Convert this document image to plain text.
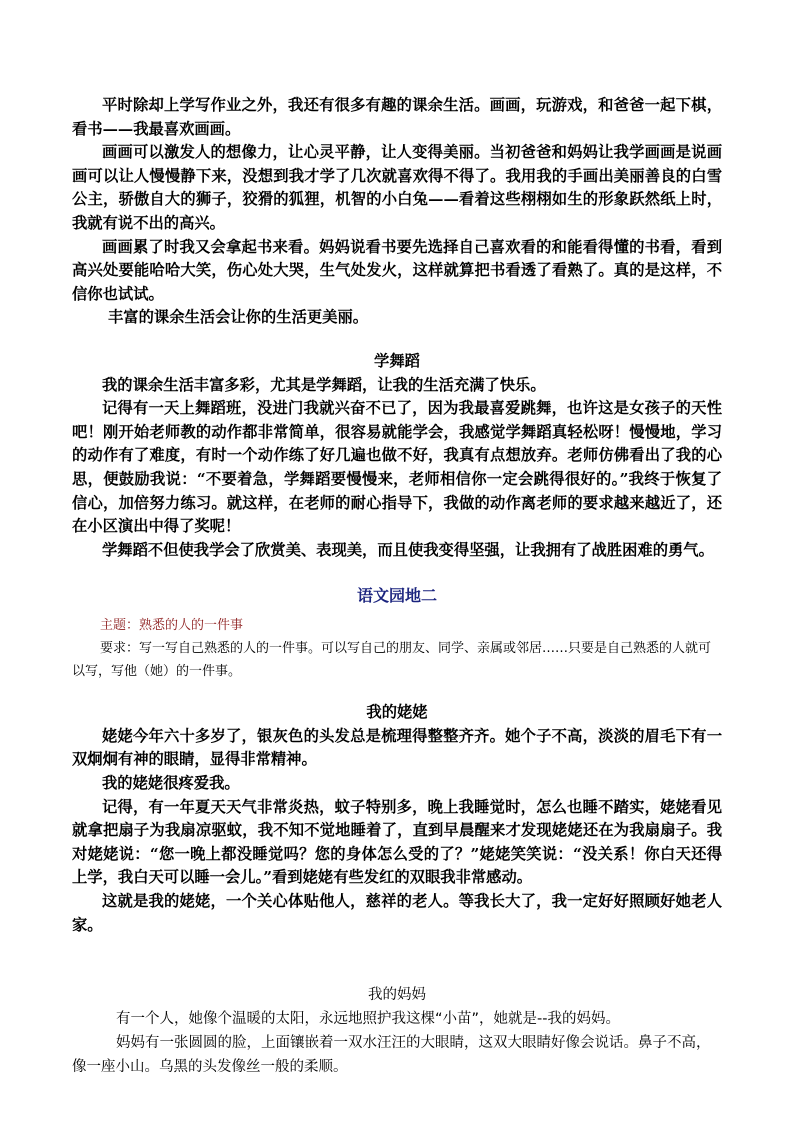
平时除却上学写作业之外，我还有很多有趣的课余生活。画画，玩游戏，和爸爸一起下棋，看书——我最喜欢画画。

画画可以激发人的想像力，让心灵平静，让人变得美丽。当初爸爸和妈妈让我学画画是说画画可以让人慢慢静下来，没想到我才学了几次就喜欢得不得了。我用我的手画出美丽善良的白雪公主，骄傲自大的狮子，狡猾的狐狸，机智的小白兔——看着这些栩栩如生的形象跃然纸上时，我就有说不出的高兴。

画画累了时我又会拿起书来看。妈妈说看书要先选择自己喜欢看的和能看得懂的书看，看到高兴处要能哈哈大笑，伤心处大哭，生气处发火，这样就算把书看透了看熟了。真的是这样，不信你也试试。

丰富的课余生活会让你的生活更美丽。

学舞蹈

我的课余生活丰富多彩，尤其是学舞蹈，让我的生活充满了快乐。

记得有一天上舞蹈班，没进门我就兴奋不已了，因为我最喜爱跳舞，也许这是女孩子的天性吧！刚开始老师教的动作都非常简单，很容易就能学会，我感觉学舞蹈真轻松呀！慢慢地，学习的动作有了难度，有时一个动作练了好几遍也做不好，我真有点想放弃。老师仿佛看出了我的心思，便鼓励我说：“不要着急，学舞蹈要慢慢来，老师相信你一定会跳得很好的。”我终于恢复了信心，加倍努力练习。就这样，在老师的耐心指导下，我做的动作离老师的要求越来越近了，还在小区演出中得了奖呢！

学舞蹈不但使我学会了欣赏美、表现美，而且使我变得坚强，让我拥有了战胜困难的勇气。

语文园地二

主题：熟悉的人的一件事

要求：写一写自己熟悉的人的一件事。可以写自己的朋友、同学、亲属或邻居……只要是自己熟悉的人就可以写，写他（她）的一件事。

我的姥姥

姥姥今年六十多岁了，银灰色的头发总是梳理得整整齐齐。她个子不高，淡淡的眉毛下有一双炯炯有神的眼睛，显得非常精神。

我的姥姥很疼爱我。

记得，有一年夏天天气非常炎热，蚊子特别多，晚上我睡觉时，怎么也睡不踏实，姥姥看见就拿把扇子为我扇凉驱蚊，我不知不觉地睡着了，直到早晨醒来才发现姥姥还在为我扇扇子。我对姥姥说：“您一晚上都没睡觉吗？您的身体怎么受的了？”姥姥笑笑说：“没关系！你白天还得上学，我白天可以睡一会儿。”看到姥姥有些发红的双眼我非常感动。

这就是我的姥姥，一个关心体贴他人，慈祥的老人。等我长大了，我一定好好照顾好她老人家。

我的妈妈

有一个人，她像个温暖的太阳，永远地照护我这棵“小苗”，她就是--我的妈妈。

妈妈有一张圆圆的脸，上面镶嵌着一双水汪汪的大眼睛，这双大眼睛好像会说话。鼻子不高，像一座小山。乌黑的头发像丝一般的柔顺。
